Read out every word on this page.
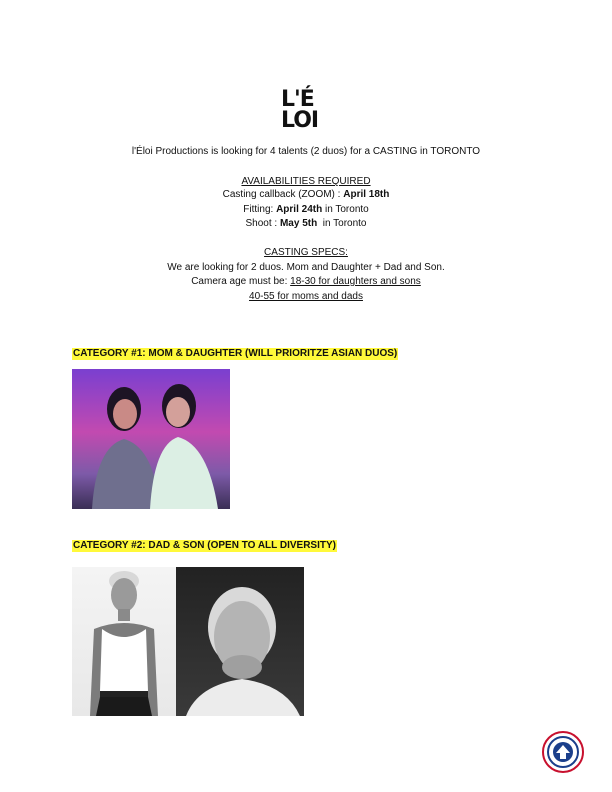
L'É
LOI
l'Éloi Productions is looking for 4 talents (2 duos) for a CASTING in TORONTO
AVAILABILITIES REQUIRED
Casting callback (ZOOM) : April 18th
Fitting: April 24th in Toronto
Shoot : May 5th  in Toronto
CASTING SPECS:
We are looking for 2 duos. Mom and Daughter + Dad and Son.
Camera age must be: 18-30 for daughters and sons
40-55 for moms and dads
CATEGORY #1: MOM & DAUGHTER (WILL PRIORITZE ASIAN DUOS)
CATEGORY #2: DAD & SON (OPEN TO ALL DIVERSITY)
